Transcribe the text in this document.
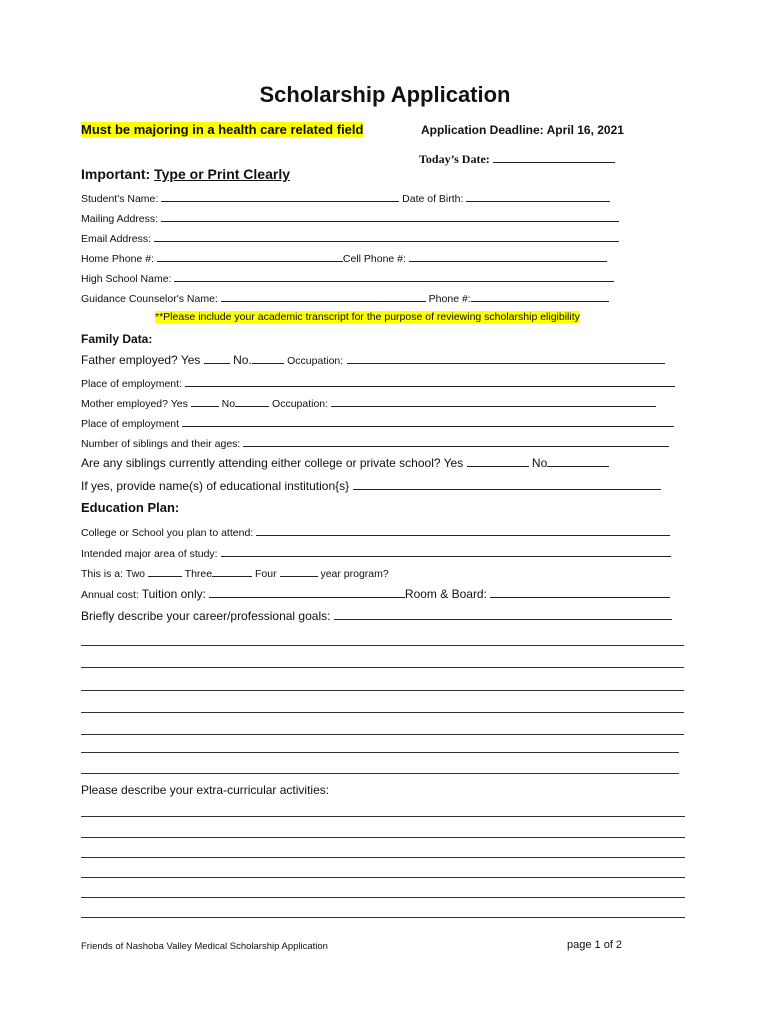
Scholarship Application
Must be majoring in a health care related field	Application Deadline: April 16, 2021
Today’s Date:
Important: Type or Print Clearly
Student's Name:	Date of Birth:
Mailing Address:
Email Address:
Home Phone #:	Cell Phone #:
High School Name:
Guidance Counselor's Name:	Phone #:
**Please include your academic transcript for the purpose of reviewing scholarship eligibility
Family Data:
Father employed? Yes	No.	Occupation:
Place of employment:
Mother employed? Yes	No	Occupation:
Place of employment
Number of siblings and their ages:
Are any siblings currently attending either college or private school? Yes	No
If yes, provide name(s) of educational institution{s}
Education Plan:
College or School you plan to attend:
Intended major area of study:
This is a: Two	Three	Four	year program?
Annual cost: Tuition only:	Room & Board:
Briefly describe your career/professional goals:
Please describe your extra-curricular activities:
Friends of Nashoba Valley Medical Scholarship Application	page 1 of 2
